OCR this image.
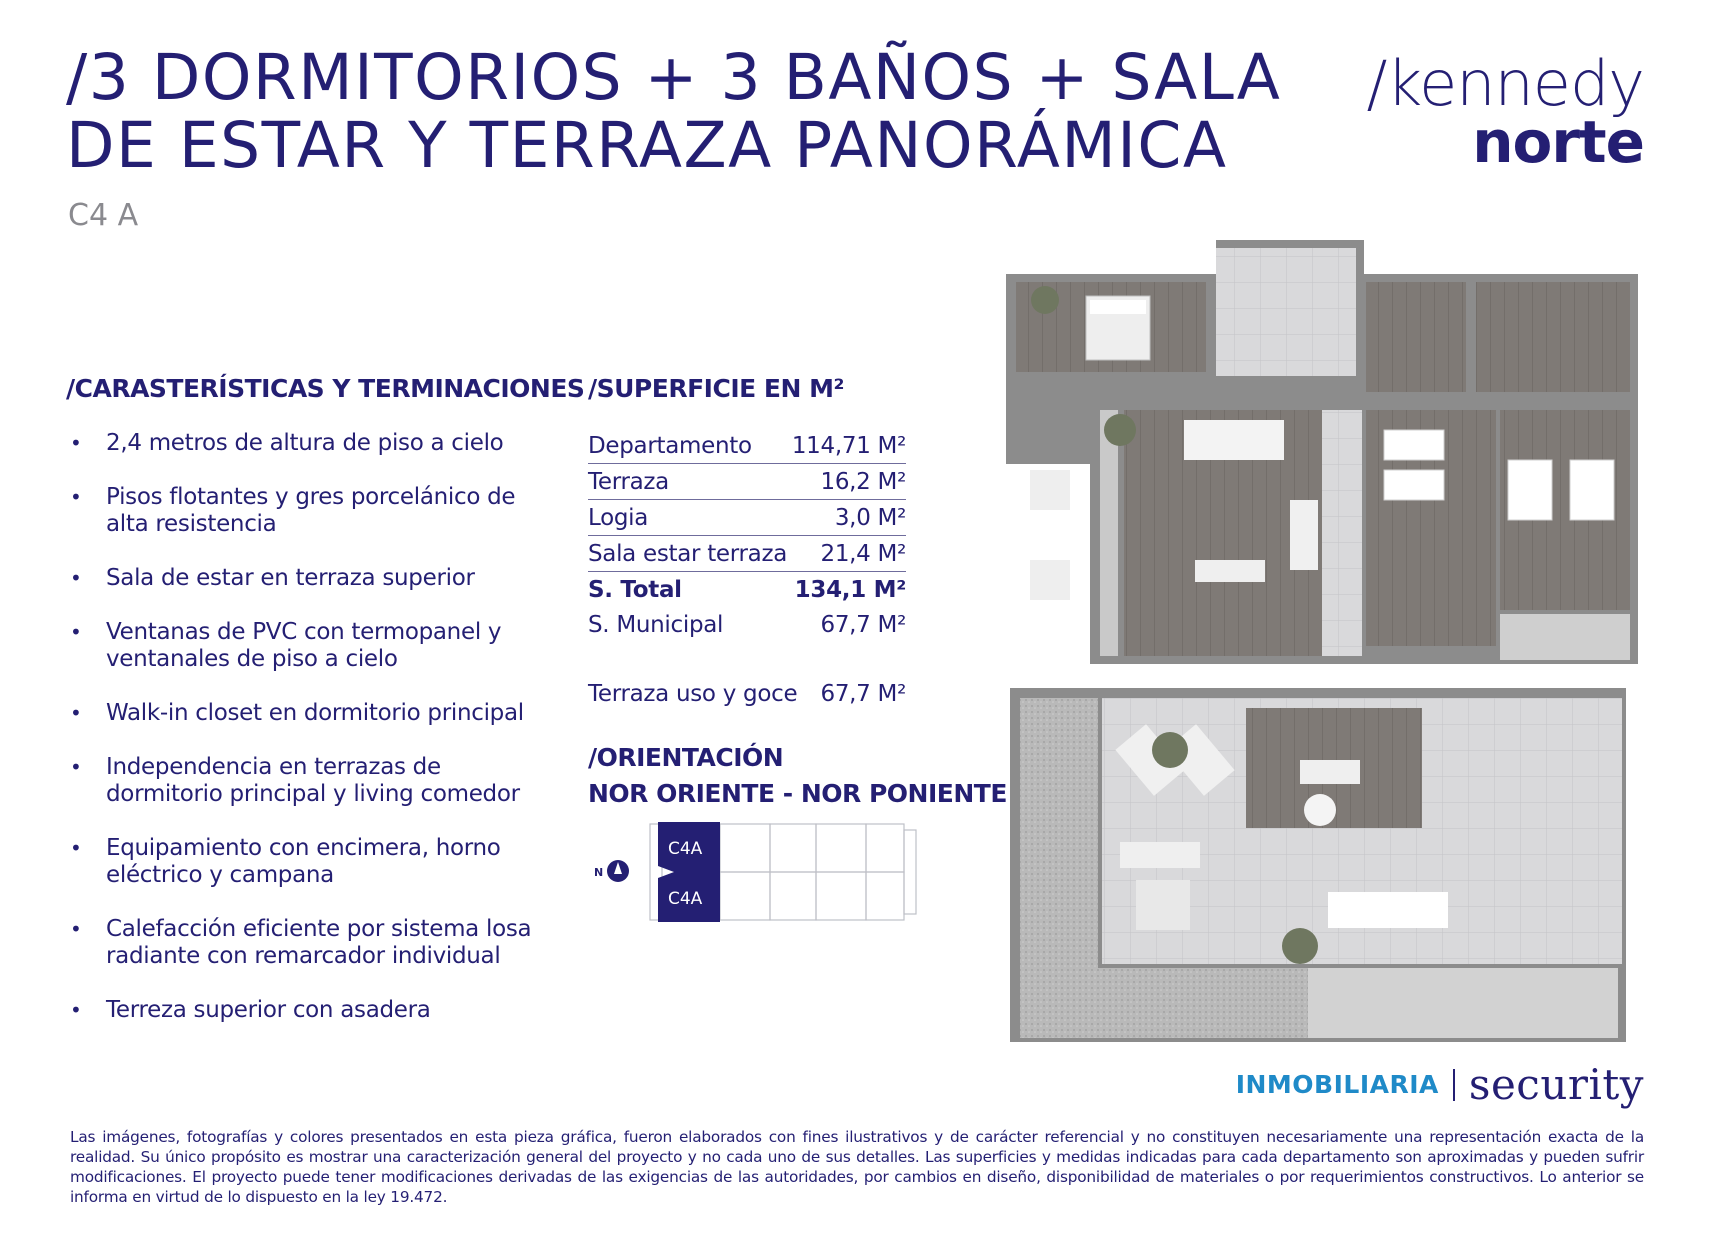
/3 DORMITORIOS + 3 BAÑOS + SALA
DE ESTAR Y TERRAZA PANORÁMICA
C4 A
/kennedy
norte
/CARASTERÍSTICAS Y TERMINACIONES
• 2,4 metros de altura de piso a cielo
• Pisos flotantes y gres porcelánico de
alta resistencia
• Sala de estar en terraza superior
• Ventanas de PVC con termopanel y
ventanales de piso a cielo
• Walk-in closet en dormitorio principal
• Independencia en terrazas de
dormitorio principal y living comedor
• Equipamiento con encimera, horno
eléctrico y campana
• Calefacción eficiente por sistema losa
radiante con remarcador individual
• Terreza superior con asadera
/SUPERFICIE EN M²
Departamento 114,71 M²
Terraza	16,2 M²
Logia	3,0 M²
Sala estar terraza 21,4 M²
S. Total	134,1 M²
S. Municipal	67,7 M²
Terraza uso y goce 67,7 M²
/ORIENTACIÓN
NOR ORIENTE - NOR PONIENTE
N
C4A
C4A
INMOBILIARIA security
Las imágenes, fotografías y colores presentados en esta pieza gráfica, fueron elaborados con fines ilustrativos y de carácter referencial y no constituyen necesariamente una representación exacta de la realidad. Su único propósito es mostrar una caracterización general del proyecto y no cada uno de sus detalles. Las superficies y medidas indicadas para cada departamento son aproximadas y pueden sufrir modificaciones. El proyecto puede tener modificaciones derivadas de las exigencias de las autoridades, por cambios en diseño, disponibilidad de materiales o por requerimientos constructivos. Lo anterior se informa en virtud de lo dispuesto en la ley 19.472.
